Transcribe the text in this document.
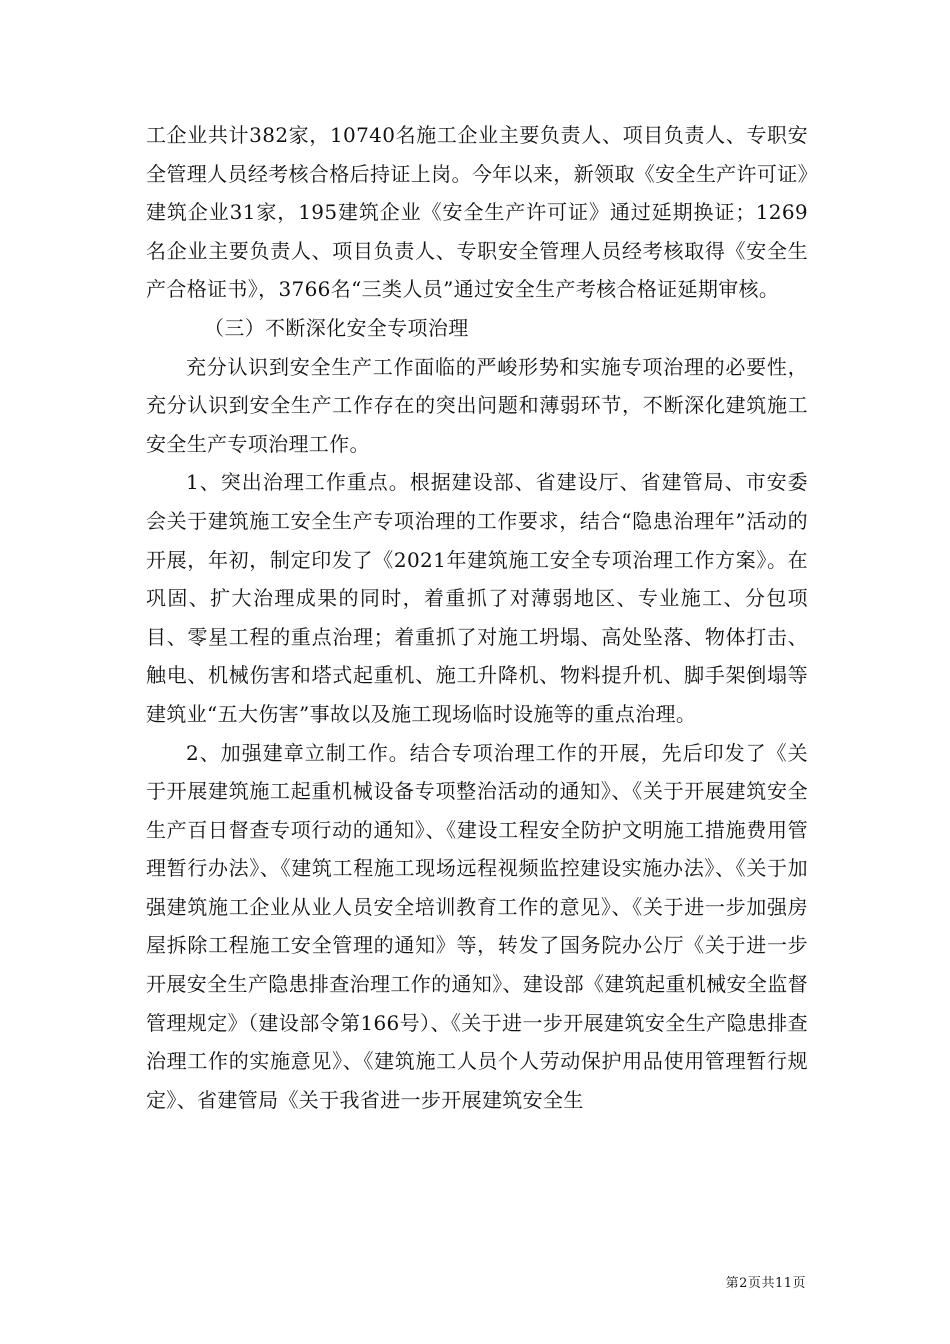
工企业共计382家，10740名施工企业主要负责人、项目负责人、专职安全管理人员经考核合格后持证上岗。今年以来，新领取《安全生产许可证》建筑企业31家，195建筑企业《安全生产许可证》通过延期换证；1269名企业主要负责人、项目负责人、专职安全管理人员经考核取得《安全生产合格证书》，3766名“三类人员”通过安全生产考核合格证延期审核。

（三）不断深化安全专项治理

充分认识到安全生产工作面临的严峻形势和实施专项治理的必要性，充分认识到安全生产工作存在的突出问题和薄弱环节，不断深化建筑施工安全生产专项治理工作。

1、突出治理工作重点。根据建设部、省建设厅、省建管局、市安委会关于建筑施工安全生产专项治理的工作要求，结合“隐患治理年”活动的开展，年初，制定印发了《2021年建筑施工安全专项治理工作方案》。在巩固、扩大治理成果的同时，着重抓了对薄弱地区、专业施工、分包项目、零星工程的重点治理；着重抓了对施工坍塌、高处坠落、物体打击、触电、机械伤害和塔式起重机、施工升降机、物料提升机、脚手架倒塌等建筑业“五大伤害”事故以及施工现场临时设施等的重点治理。

2、加强建章立制工作。结合专项治理工作的开展，先后印发了《关于开展建筑施工起重机械设备专项整治活动的通知》、《关于开展建筑安全生产百日督查专项行动的通知》、《建设工程安全防护文明施工措施费用管理暂行办法》、《建筑工程施工现场远程视频监控建设实施办法》、《关于加强建筑施工企业从业人员安全培训教育工作的意见》、《关于进一步加强房屋拆除工程施工安全管理的通知》等，转发了国务院办公厅《关于进一步开展安全生产隐患排查治理工作的通知》、建设部《建筑起重机械安全监督管理规定》（建设部令第166号）、《关于进一步开展建筑安全生产隐患排查治理工作的实施意见》、《建筑施工人员个人劳动保护用品使用管理暂行规定》、省建管局《关于我省进一步开展建筑安全生

第2页共11页
